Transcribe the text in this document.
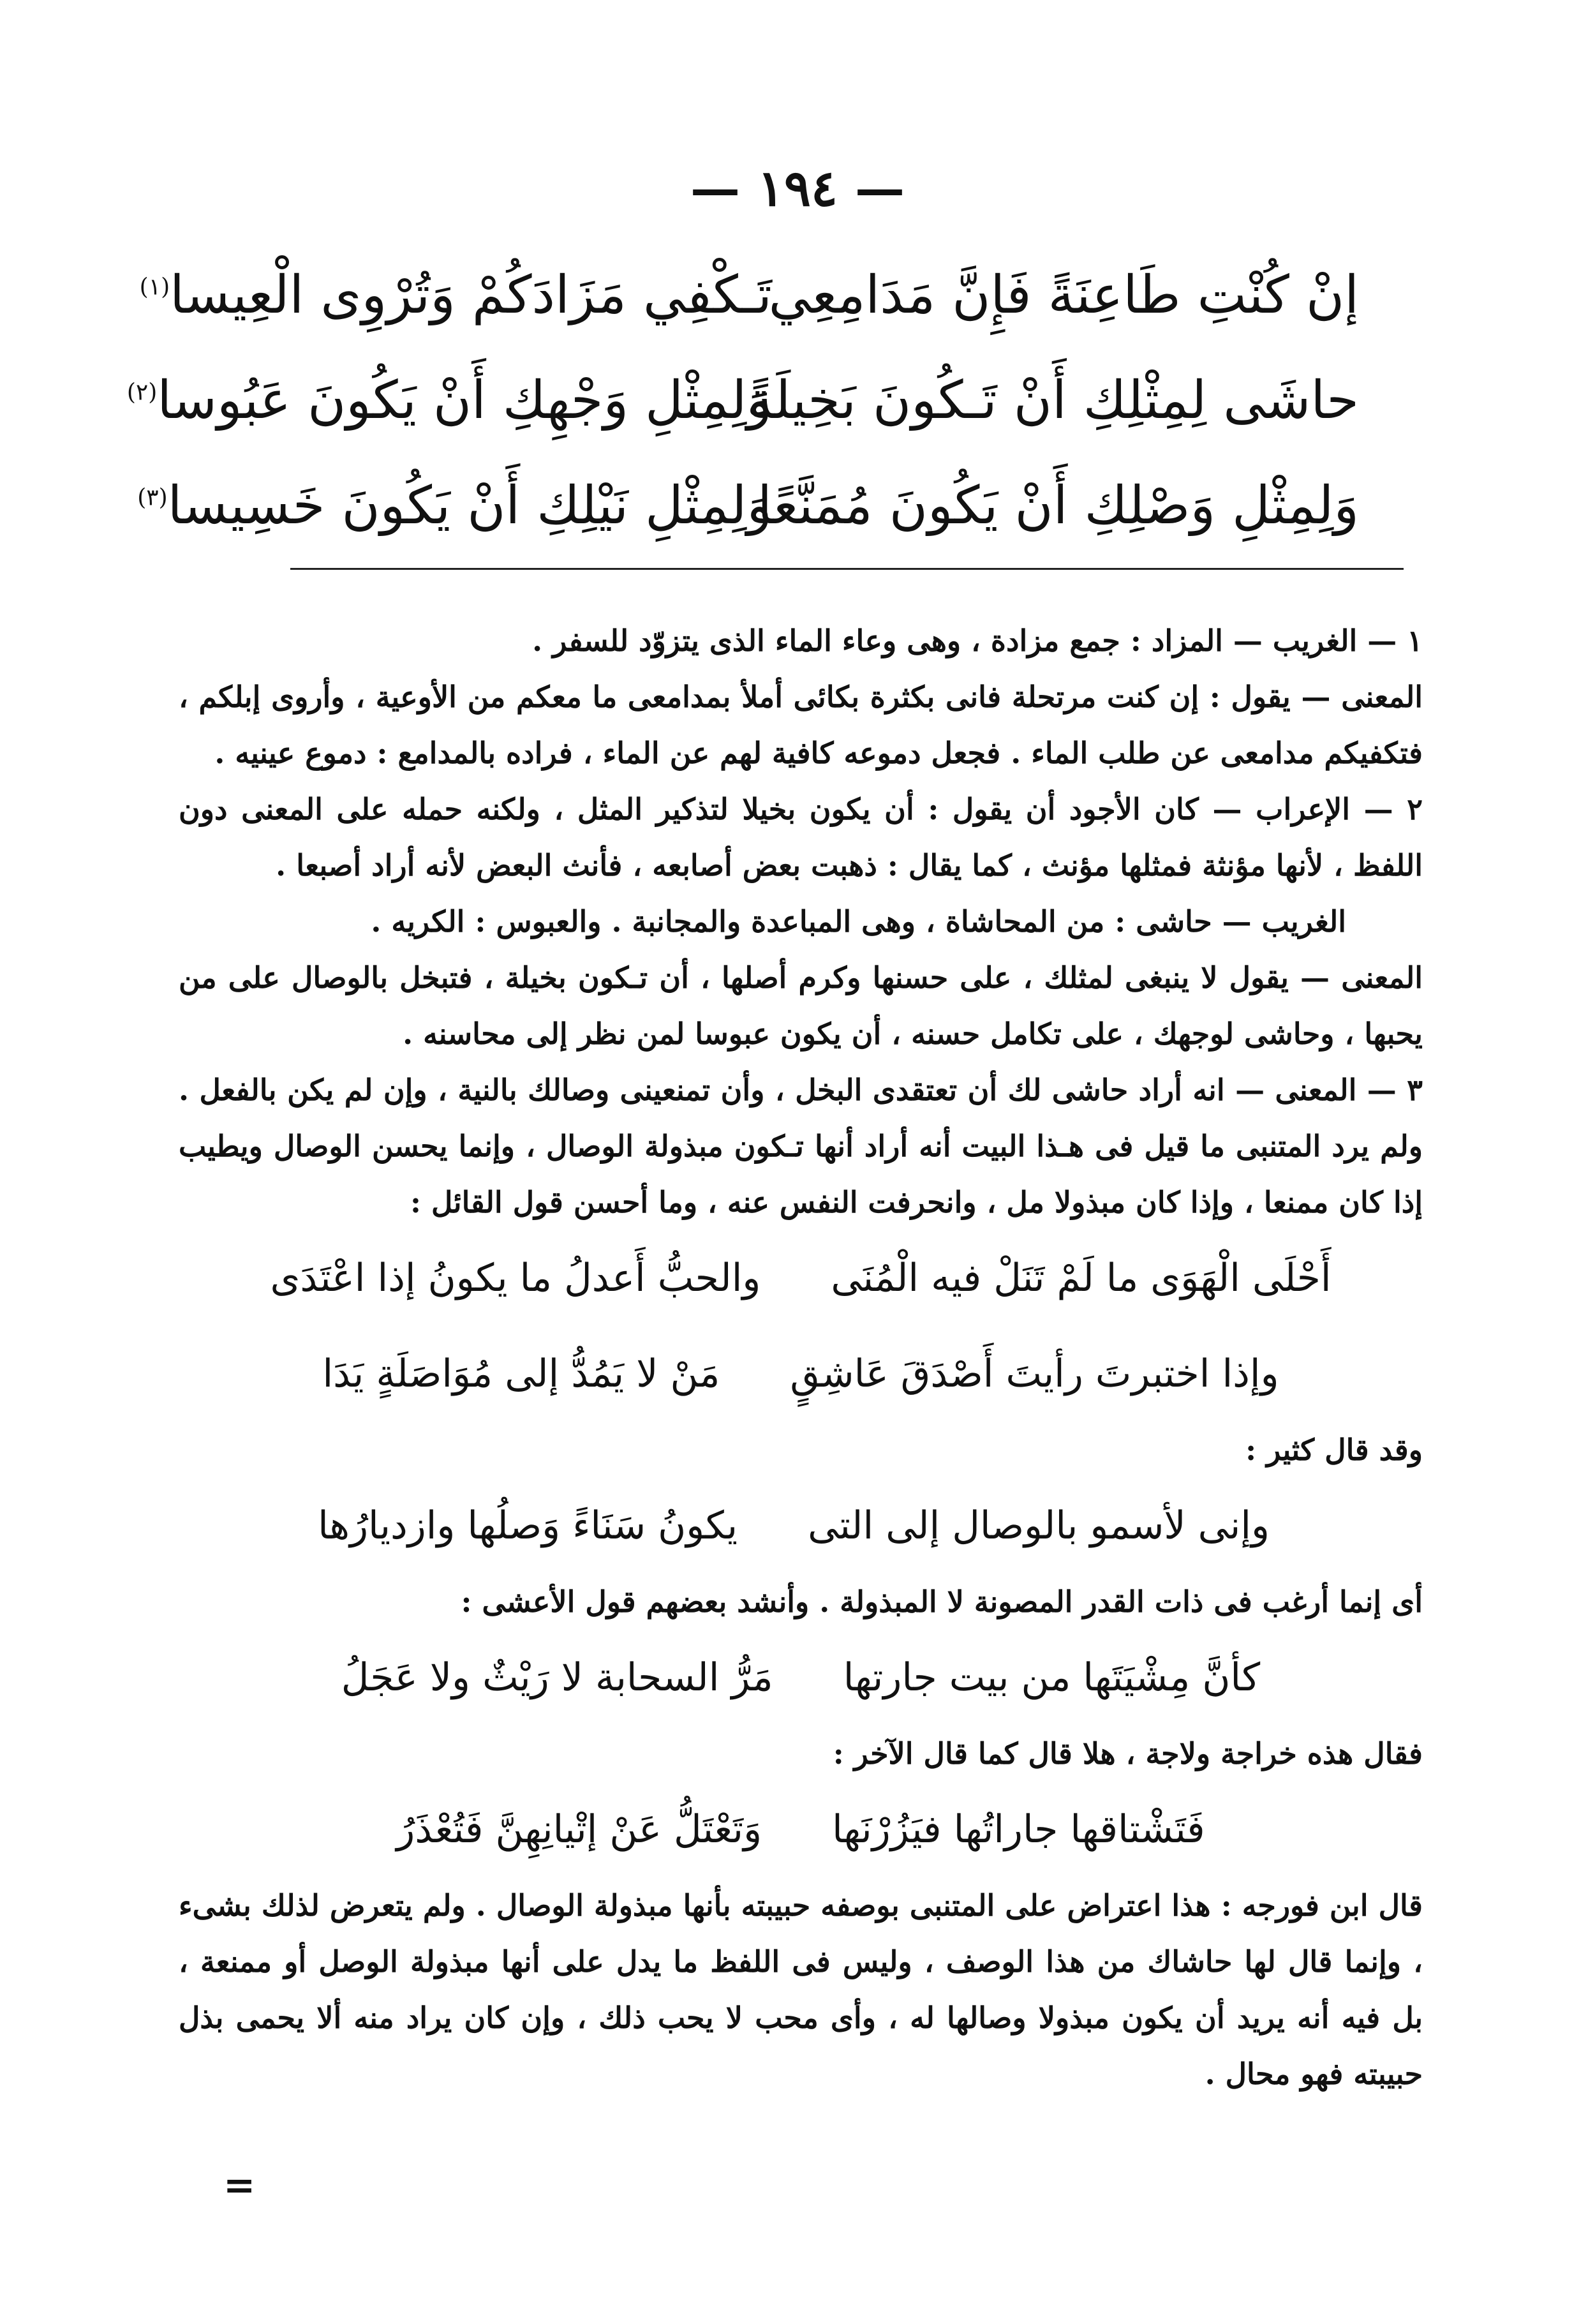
— ١٩٤ —
إنْ كُنْتِ طَاعِنَةً فَإِنَّ مَدَامِعِي
تَـكْفِي مَزَادَكُمْ وَتُرْوِى الْعِيسا$^{(١)}$
حاشَى لِمِثْلِكِ أَنْ تَـكُونَ بَخِيلَةً
وَلِمِثْلِ وَجْهِكِ أَنْ يَكُونَ عَبُوسا$^{(٢)}$
وَلِمِثْلِ وَصْلِكِ أَنْ يَكُونَ مُمَنَّعًا
وَلِمِثْلِ نَيْلِكِ أَنْ يَكُونَ خَسِيسا$^{(٣)}$

١ — الغريب — المزاد : جمع مزادة ، وهى وعاء الماء الذى يتزوّد للسفر .

المعنى — يقول : إن كنت مرتحلة فانى بكثرة بكائى أملأ بمدامعى ما معكم من الأوعية ، وأروى إبلكم ، فتكفيكم مدامعى عن طلب الماء . فجعل دموعه كافية لهم عن الماء ، فراده بالمدامع : دموع عينيه .

٢ — الإعراب — كان الأجود أن يقول : أن يكون بخيلا لتذكير المثل ، ولكنه حمله على المعنى دون اللفظ ، لأنها مؤنثة فمثلها مؤنث ، كما يقال : ذهبت بعض أصابعه ، فأنث البعض لأنه أراد أصبعا .

الغريب — حاشى : من المحاشاة ، وهى المباعدة والمجانبة . والعبوس : الكريه .

المعنى — يقول لا ينبغى لمثلك ، على حسنها وكرم أصلها ، أن تـكون بخيلة ، فتبخل بالوصال على من يحبها ، وحاشى لوجهك ، على تكامل حسنه ، أن يكون عبوسا لمن نظر إلى محاسنه .

٣ — المعنى — انه أراد حاشى لك أن تعتقدى البخل ، وأن تمنعينى وصالك بالنية ، وإن لم يكن بالفعل . ولم يرد المتنبى ما قيل فى هـذا البيت أنه أراد أنها تـكون مبذولة الوصال ، وإنما يحسن الوصال ويطيب إذا كان ممنعا ، وإذا كان مبذولا مل ، وانحرفت النفس عنه ، وما أحسن قول القائل :

أَحْلَى الْهَوَى ما لَمْ تَنَلْ فيه الْمُنَى
والحبُّ أَعدلُ ما يكونُ إذا اعْتَدَى
وإذا اختبرتَ رأيتَ أَصْدَقَ عَاشِقٍ
مَنْ لا يَمُدُّ إلى مُوَاصَلَةٍ يَدَا

وقد قال كثير :

وإنى لأسمو بالوصال إلى التى
يكونُ سَنَاءً وَصلُها وازديارُها

أى إنما أرغب فى ذات القدر المصونة لا المبذولة . وأنشد بعضهم قول الأعشى :

كأنَّ مِشْيَتَها من بيت جارتها
مَرُّ السحابة لا رَيْثٌ ولا عَجَلُ

فقال هذه خراجة ولاجة ، هلا قال كما قال الآخر :

فَتَشْتاقها جاراتُها فيَزُرْنَها
وَتَعْتَلُّ عَنْ إتْيانِهِنَّ فَتُعْذَرُ

قال ابن فورجه : هذا اعتراض على المتنبى بوصفه حبيبته بأنها مبذولة الوصال . ولم يتعرض لذلك بشىء ، وإنما قال لها حاشاك من هذا الوصف ، وليس فى اللفظ ما يدل على أنها مبذولة الوصل أو ممنعة ، بل فيه أنه يريد أن يكون مبذولا وصالها له ، وأى محب لا يحب ذلك ، وإن كان يراد منه ألا يحمى بذل حبيبته فهو محال .

=
